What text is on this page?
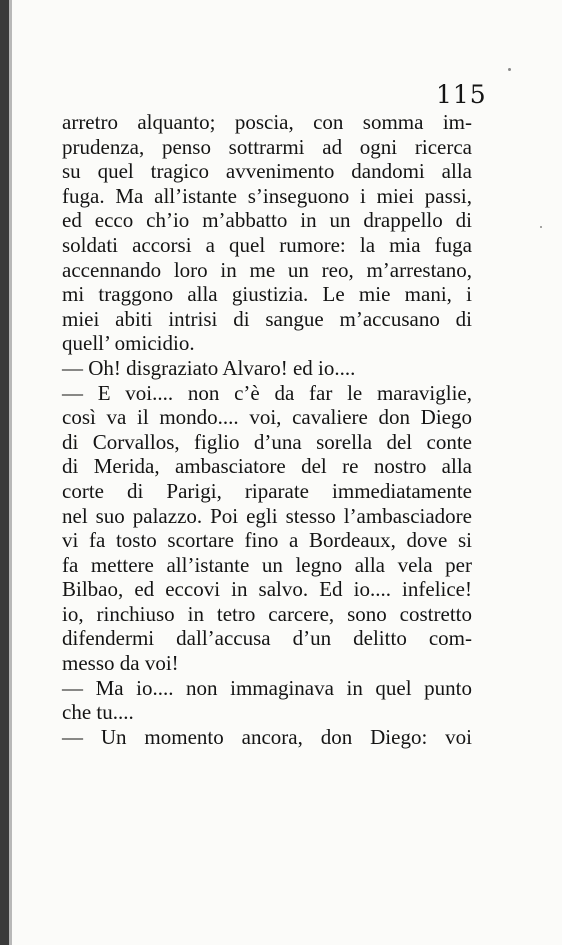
115
arretro alquanto; poscia, con somma im-
prudenza, penso sottrarmi ad ogni ricerca
su quel tragico avvenimento dandomi alla
fuga. Ma all’istante s’inseguono i miei passi,
ed ecco ch’io m’abbatto in un drappello di
soldati accorsi a quel rumore: la mia fuga
accennando loro in me un reo, m’arrestano,
mi traggono alla giustizia. Le mie mani, i
miei abiti intrisi di sangue m’accusano di
quell’ omicidio.
— Oh! disgraziato Alvaro! ed io....
— E voi.... non c’è da far le maraviglie,
così va il mondo.... voi, cavaliere don Diego
di Corvallos, figlio d’una sorella del conte
di Merida, ambasciatore del re nostro alla
corte di Parigi, riparate immediatamente
nel suo palazzo. Poi egli stesso l’ambasciadore
vi fa tosto scortare fino a Bordeaux, dove si
fa mettere all’istante un legno alla vela per
Bilbao, ed eccovi in salvo. Ed io.... infelice!
io, rinchiuso in tetro carcere, sono costretto
difendermi dall’accusa d’un delitto com-
messo da voi!
— Ma io.... non immaginava in quel punto
che tu....
— Un momento ancora, don Diego: voi
